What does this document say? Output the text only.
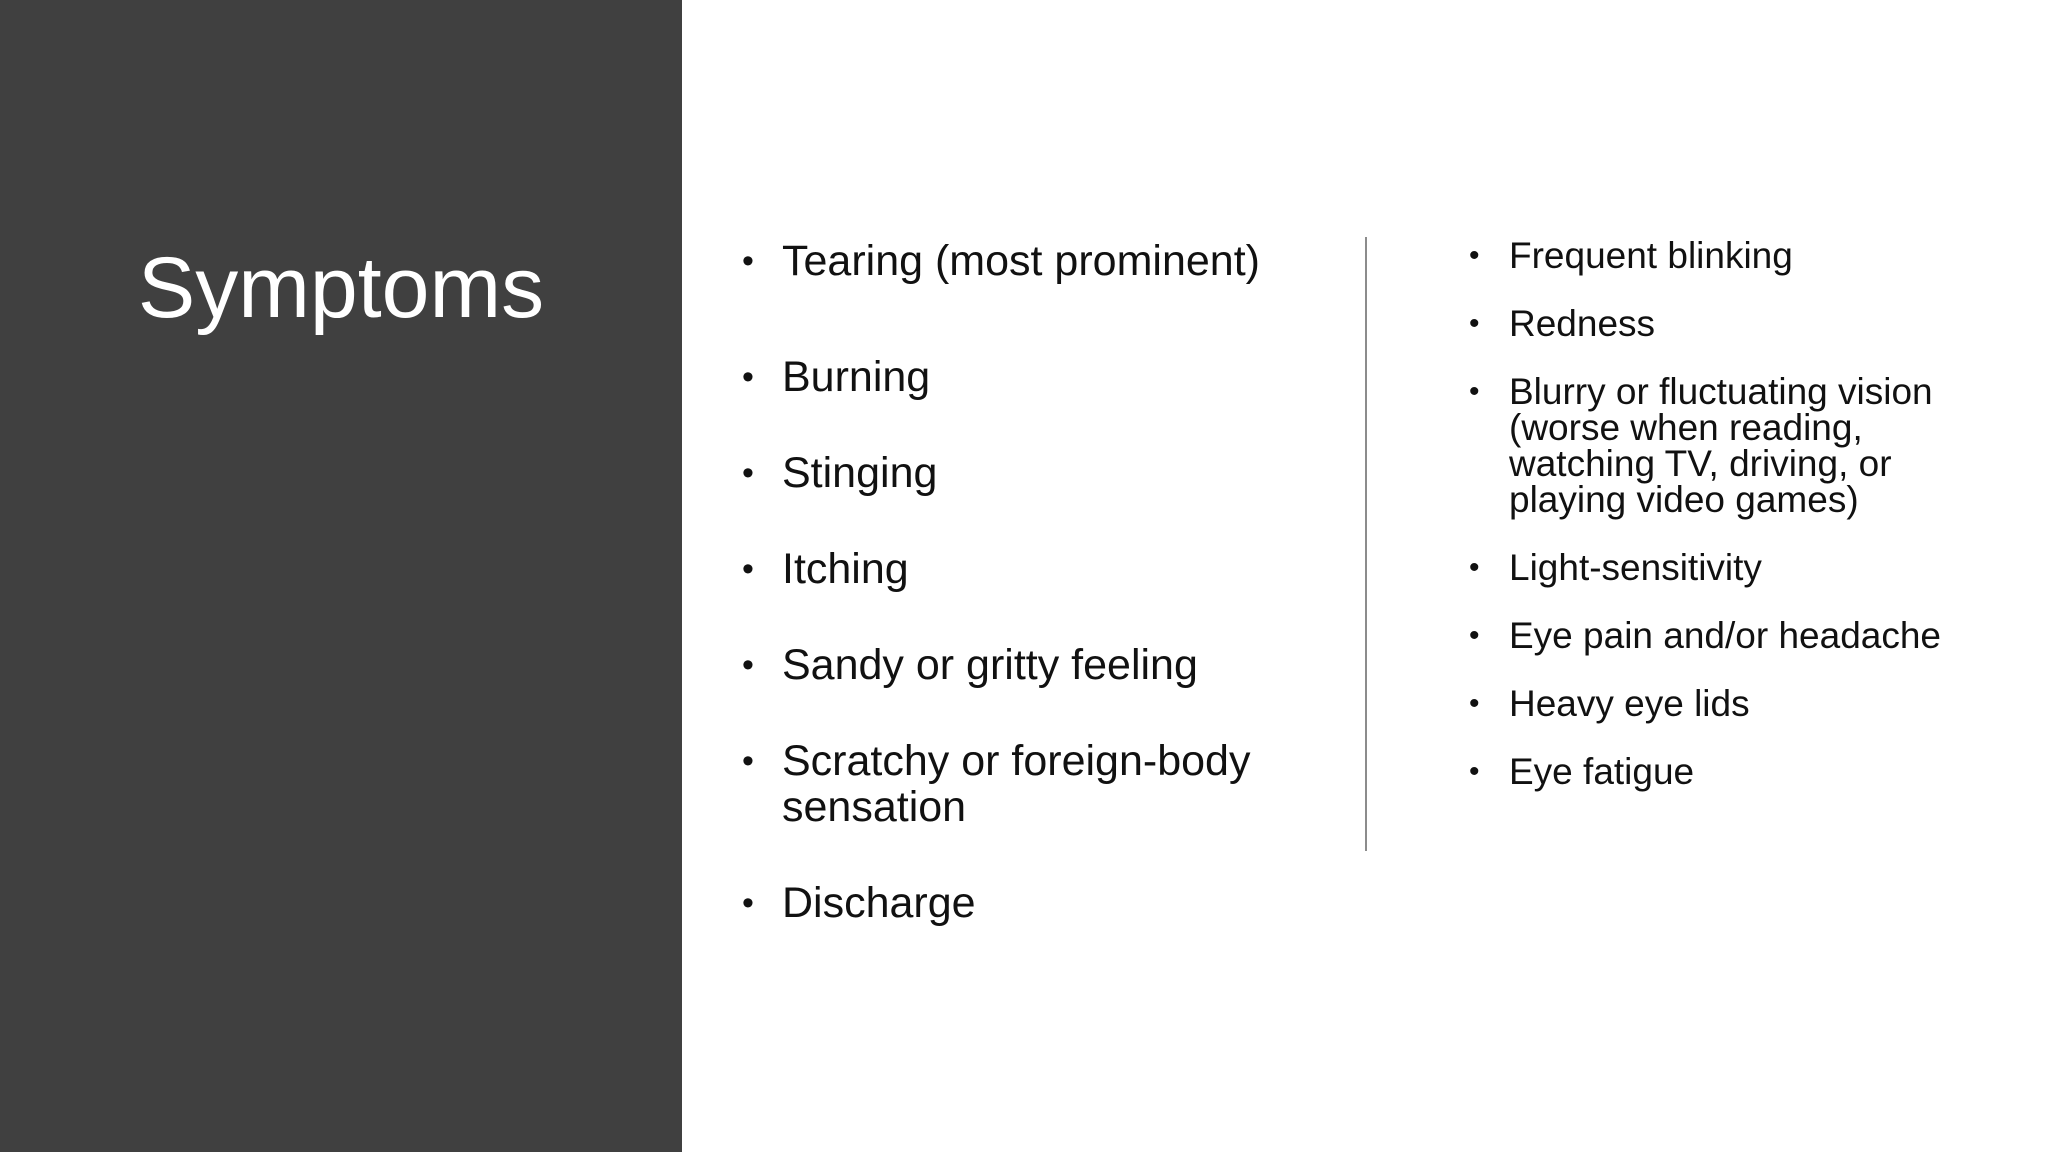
Symptoms	• Tearing (most prominent)
• Burning
• Stinging
• Itching
• Sandy or gritty feeling
• Scratchy or foreign-body sensation
• Discharge
• Frequent blinking
• Redness
• Blurry or fluctuating vision (worse when reading, watching TV, driving, or playing video games)
• Light-sensitivity
• Eye pain and/or headache
• Heavy eye lids
• Eye fatigue
